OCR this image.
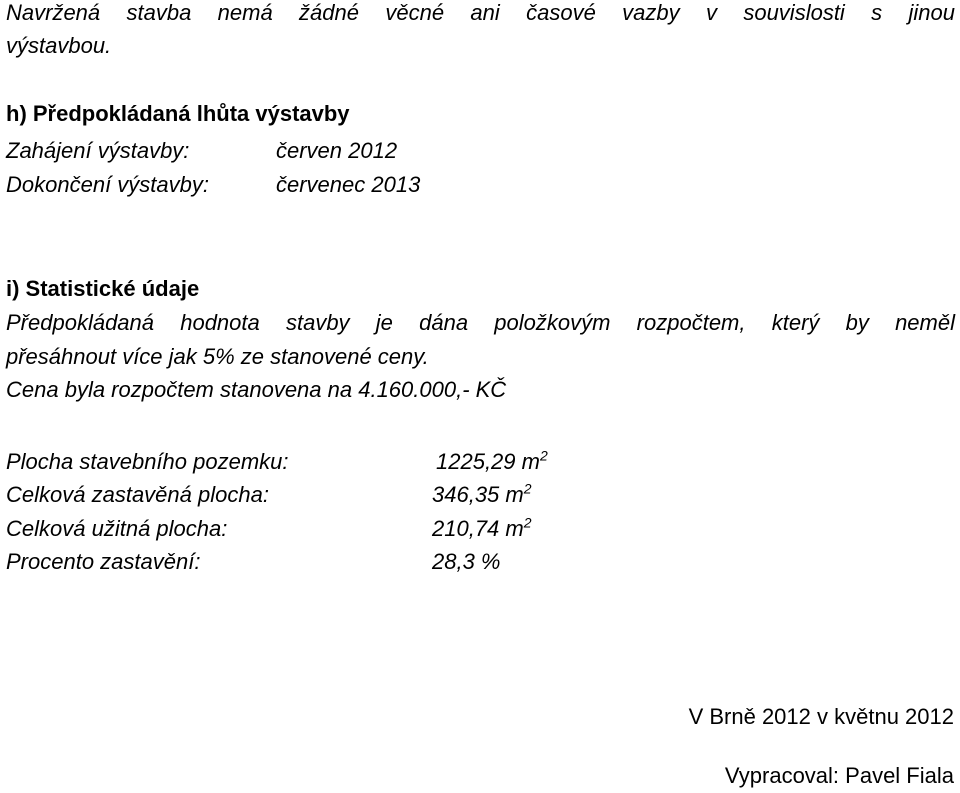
Navržená stavba nemá žádné věcné ani časové vazby v souvislosti s jinou
výstavbou.
h) Předpokládaná lhůta výstavby
Zahájení výstavby:	červen 2012
Dokončení výstavby:	červenec 2013
i) Statistické údaje
Předpokládaná hodnota stavby je dána položkovým rozpočtem, který by neměl
přesáhnout více jak 5% ze stanovené ceny.
Cena byla rozpočtem stanovena na 4.160.000,- KČ
Plocha stavebního pozemku:	1225,29 $m^2$
Celková zastavěná plocha:	346,35 $m^2$
Celková užitná plocha:	210,74 $m^2$
Procento zastavění:	28,3 %
V Brně 2012 v květnu 2012
Vypracoval: Pavel Fiala
